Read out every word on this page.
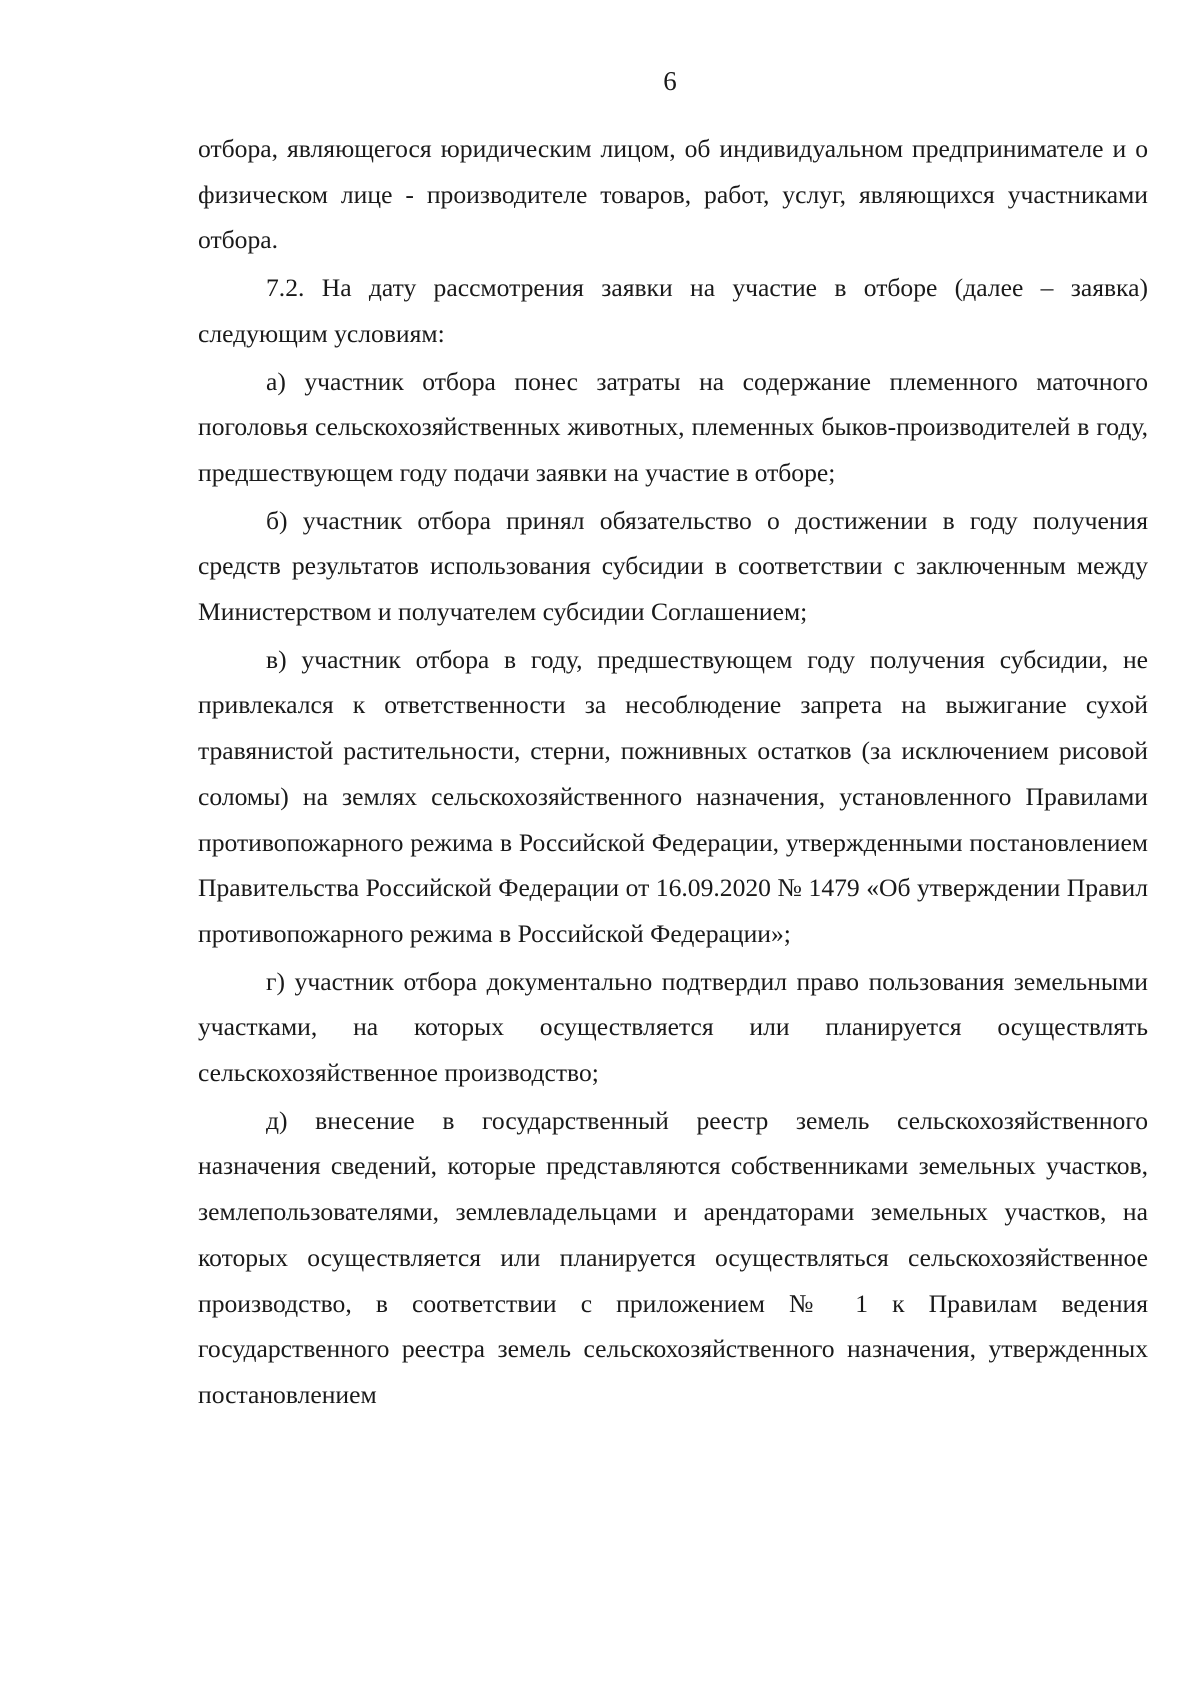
6

отбора, являющегося юридическим лицом, об индивидуальном предпринимателе и о физическом лице - производителе товаров, работ, услуг, являющихся участниками отбора.

7.2. На дату рассмотрения заявки на участие в отборе (далее – заявка) следующим условиям:

а) участник отбора понес затраты на содержание племенного маточного поголовья сельскохозяйственных животных, племенных быков-производителей в году, предшествующем году подачи заявки на участие в отборе;

б) участник отбора принял обязательство о достижении в году получения средств результатов использования субсидии в соответствии с заключенным между Министерством и получателем субсидии Соглашением;

в) участник отбора в году, предшествующем году получения субсидии, не привлекался к ответственности за несоблюдение запрета на выжигание сухой травянистой растительности, стерни, пожнивных остатков (за исключением рисовой соломы) на землях сельскохозяйственного назначения, установленного Правилами противопожарного режима в Российской Федерации, утвержденными постановлением Правительства Российской Федерации от 16.09.2020 № 1479 «Об утверждении Правил противопожарного режима в Российской Федерации»;

г) участник отбора документально подтвердил право пользования земельными участками, на которых осуществляется или планируется осуществлять сельскохозяйственное производство;

д) внесение в государственный реестр земель сельскохозяйственного назначения сведений, которые представляются собственниками земельных участков, землепользователями, землевладельцами и арендаторами земельных участков, на которых осуществляется или планируется осуществляться сельскохозяйственное производство, в соответствии с приложением № 1 к Правилам ведения государственного реестра земель сельскохозяйственного назначения, утвержденных постановлением
